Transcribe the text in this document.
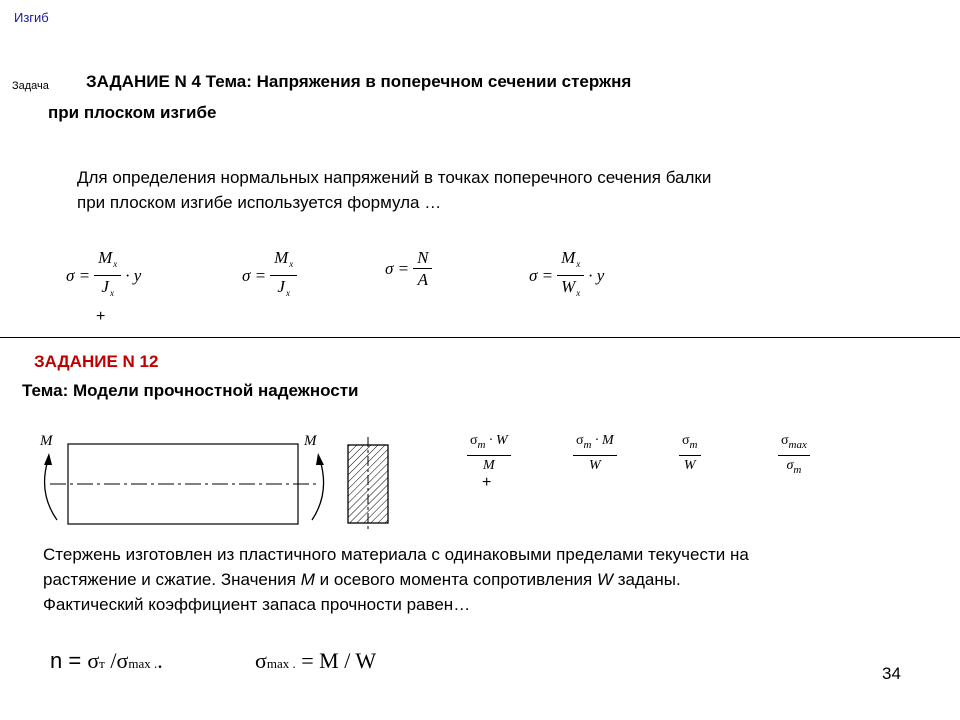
Изгиб
Задача ЗАДАНИЕ N 4 Тема: Напряжения в поперечном сечении стержня
при плоском изгибе
Для определения нормальных напряжений в точках поперечного сечения балки
при плоском изгибе используется формула …
$\sigma = \frac{M_x}{J_x} \cdot y$	$\sigma = \frac{M_x}{J_x}$	$\sigma = \frac{N}{A}$	$\sigma = \frac{M_x}{W_x} \cdot y$
+
ЗАДАНИЕ N 12
Тема: Модели прочностной надежности
M	M	$\frac{\sigma_m \cdot W}{M}$	$\frac{\sigma_m \cdot M}{W}$	$\frac{\sigma_m}{W}$	$\sigma_{max}$
$\sigma_m$
+
Стержень изготовлен из пластичного материала с одинаковыми пределами текучести на
растяжение и сжатие. Значения М и осевого момента сопротивления W заданы.
Фактический коэффициент запаса прочности равен…
n = σт /σmax ..	σmax . = M / W
34
